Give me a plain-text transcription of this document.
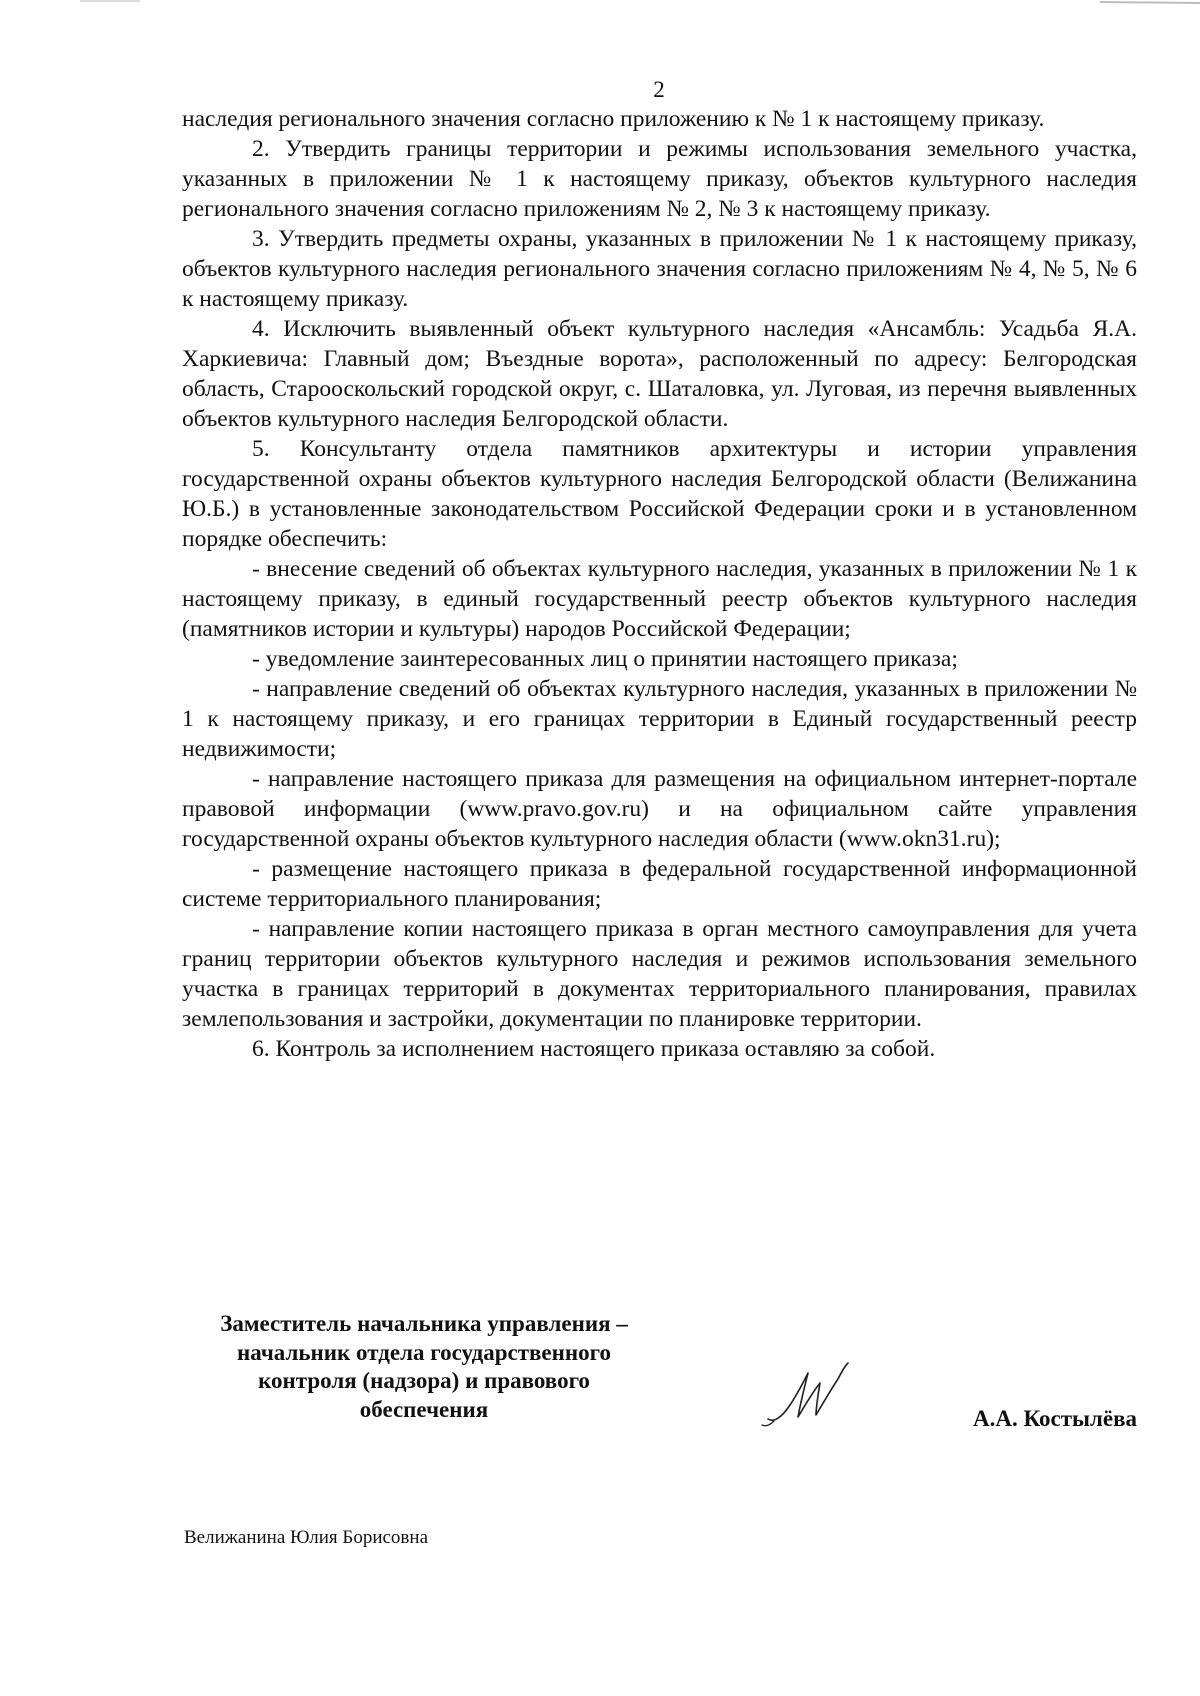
2

наследия регионального значения согласно приложению к № 1 к настоящему приказу.

2. Утвердить границы территории и режимы использования земельного участка, указанных в приложении № 1 к настоящему приказу, объектов культурного наследия регионального значения согласно приложениям № 2, № 3 к настоящему приказу.

3. Утвердить предметы охраны, указанных в приложении № 1 к настоящему приказу, объектов культурного наследия регионального значения согласно приложениям № 4, № 5, № 6 к настоящему приказу.

4. Исключить выявленный объект культурного наследия «Ансамбль: Усадьба Я.А. Харкиевича: Главный дом; Въездные ворота», расположенный по адресу: Белгородская область, Старооскольский городской округ, с. Шаталовка, ул. Луговая, из перечня выявленных объектов культурного наследия Белгородской области.

5. Консультанту отдела памятников архитектуры и истории управления государственной охраны объектов культурного наследия Белгородской области (Велижанина Ю.Б.) в установленные законодательством Российской Федерации сроки и в установленном порядке обеспечить:

- внесение сведений об объектах культурного наследия, указанных в приложении № 1 к настоящему приказу, в единый государственный реестр объектов культурного наследия (памятников истории и культуры) народов Российской Федерации;

- уведомление заинтересованных лиц о принятии настоящего приказа;

- направление сведений об объектах культурного наследия, указанных в приложении № 1 к настоящему приказу, и его границах территории в Единый государственный реестр недвижимости;

- направление настоящего приказа для размещения на официальном интернет-портале правовой информации (www.pravo.gov.ru) и на официальном сайте управления государственной охраны объектов культурного наследия области (www.okn31.ru);

- размещение настоящего приказа в федеральной государственной информационной системе территориального планирования;

- направление копии настоящего приказа в орган местного самоуправления для учета границ территории объектов культурного наследия и режимов использования земельного участка в границах территорий в документах территориального планирования, правилах землепользования и застройки, документации по планировке территории.

6. Контроль за исполнением настоящего приказа оставляю за собой.

Заместитель начальника управления –
начальник отдела государственного
контроля (надзора) и правового
обеспечения	А.А. Костылёва
Велижанина Юлия Борисовна
